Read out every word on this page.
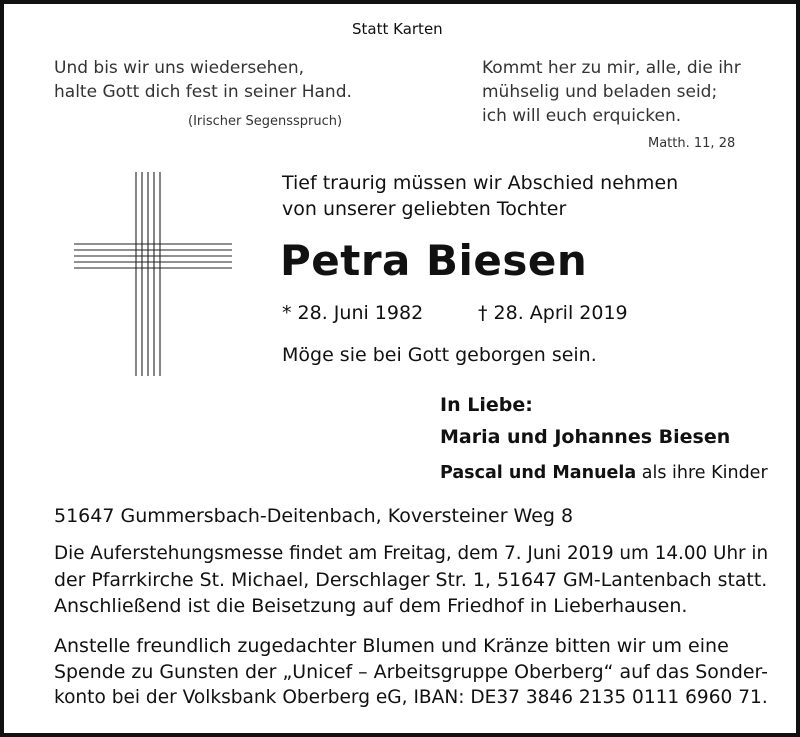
Statt Karten
Und bis wir uns wiedersehen,
halte Gott dich fest in seiner Hand.
(Irischer Segensspruch)
Kommt her zu mir, alle, die ihr
mühselig und beladen seid;
ich will euch erquicken.
Matth. 11, 28
Tief traurig müssen wir Abschied nehmen
von unserer geliebten Tochter
Petra Biesen
* 28. Juni 1982	† 28. April 2019
Möge sie bei Gott geborgen sein.
In Liebe:
Maria und Johannes Biesen
Pascal und Manuela als ihre Kinder
51647 Gummersbach-Deitenbach, Koversteiner Weg 8
Die Auferstehungsmesse findet am Freitag, dem 7. Juni 2019 um 14.00 Uhr in
der Pfarrkirche St. Michael, Derschlager Str. 1, 51647 GM-Lantenbach statt.
Anschließend ist die Beisetzung auf dem Friedhof in Lieberhausen.
Anstelle freundlich zugedachter Blumen und Kränze bitten wir um eine
Spende zu Gunsten der „Unicef – Arbeitsgruppe Oberberg“ auf das Sonder-
konto bei der Volksbank Oberberg eG, IBAN: DE37 3846 2135 0111 6960 71.
